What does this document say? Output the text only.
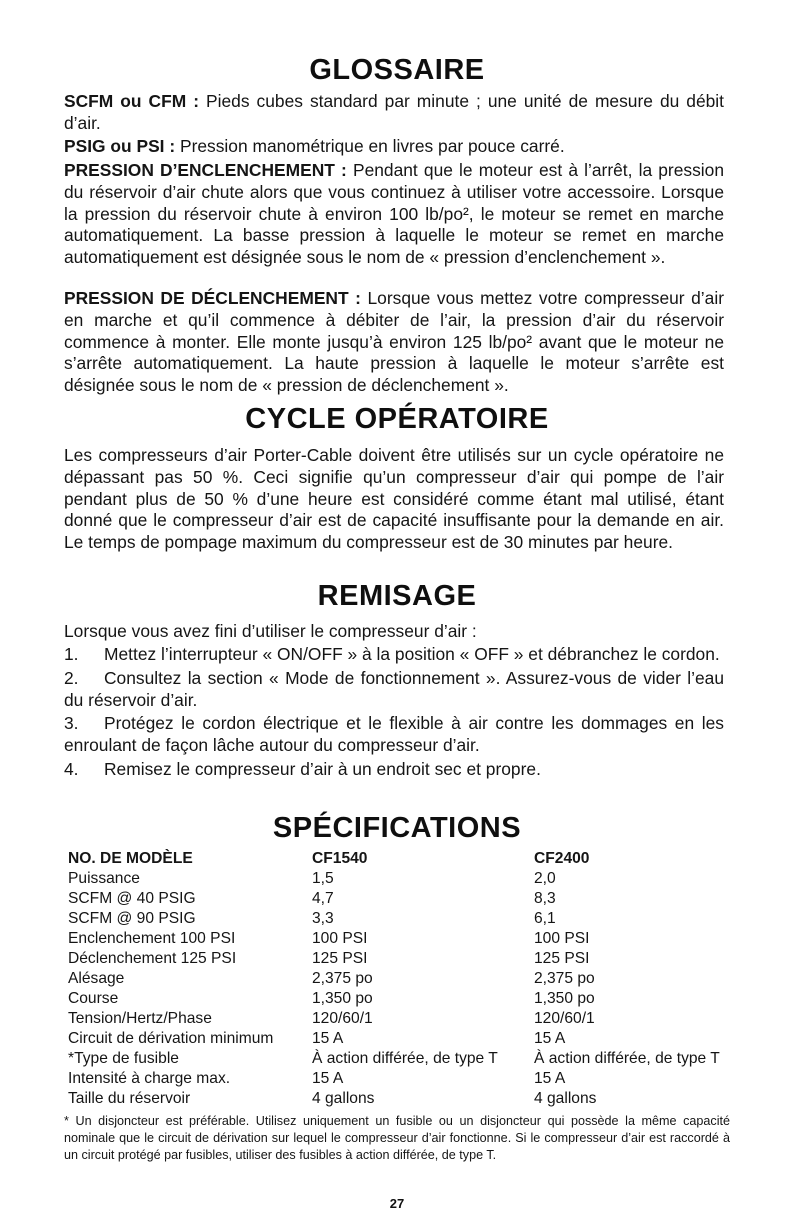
GLOSSAIRE

SCFM ou CFM : Pieds cubes standard par minute ; une unité de mesure du débit d’air.

PSIG ou PSI : Pression manométrique en livres par pouce carré.

PRESSION D’ENCLENCHEMENT : Pendant que le moteur est à l’arrêt, la pression du réservoir d’air chute alors que vous continuez à utiliser votre accessoire. Lorsque la pression du réservoir chute à environ 100 lb/po², le moteur se remet en marche automatiquement. La basse pression à laquelle le moteur se remet en marche automatiquement est désignée sous le nom de « pression d’enclenchement ».

PRESSION DE DÉCLENCHEMENT : Lorsque vous mettez votre compresseur d’air en marche et qu’il commence à débiter de l’air, la pression d’air du réservoir commence à monter. Elle monte jusqu’à environ 125 lb/po² avant que le moteur ne s’arrête automatiquement. La haute pression à laquelle le moteur s’arrête est désignée sous le nom de « pression de déclenchement ».

CYCLE OPÉRATOIRE

Les compresseurs d’air Porter-Cable doivent être utilisés sur un cycle opératoire ne dépassant pas 50 %. Ceci signifie qu’un compresseur d’air qui pompe de l’air pendant plus de 50 % d’une heure est considéré comme étant mal utilisé, étant donné que le compresseur d’air est de capacité insuffisante pour la demande en air. Le temps de pompage maximum du compresseur est de 30 minutes par heure.

REMISAGE

Lorsque vous avez fini d’utiliser le compresseur d’air :

1. Mettez l’interrupteur « ON/OFF » à la position « OFF » et débranchez le cordon.
2. Consultez la section « Mode de fonctionnement ». Assurez-vous de vider l’eau du réservoir d’air.
3. Protégez le cordon électrique et le flexible à air contre les dommages en les enroulant de façon lâche autour du compresseur d’air.
4. Remisez le compresseur d’air à un endroit sec et propre.
SPÉCIFICATIONS
NO. DE MODÈLE	CF1540	CF2400
Puissance	1,5	2,0
SCFM @ 40 PSIG	4,7	8,3
SCFM @ 90 PSIG	3,3	6,1
Enclenchement 100 PSI	100 PSI	100 PSI
Déclenchement 125 PSI	125 PSI	125 PSI
Alésage	2,375 po	2,375 po
Course	1,350 po	1,350 po
Tension/Hertz/Phase	120/60/1	120/60/1
Circuit de dérivation minimum	15 A	15 A
*Type de fusible	À action différée, de type T	À action différée, de type T
Intensité à charge max.	15 A	15 A
Taille du réservoir	4 gallons	4 gallons

* Un disjoncteur est préférable. Utilisez uniquement un fusible ou un disjoncteur qui possède la même capacité nominale que le circuit de dérivation sur lequel le compresseur d’air fonctionne. Si le compresseur d’air est raccordé à un circuit protégé par fusibles, utiliser des fusibles à action différée, de type T.

27
